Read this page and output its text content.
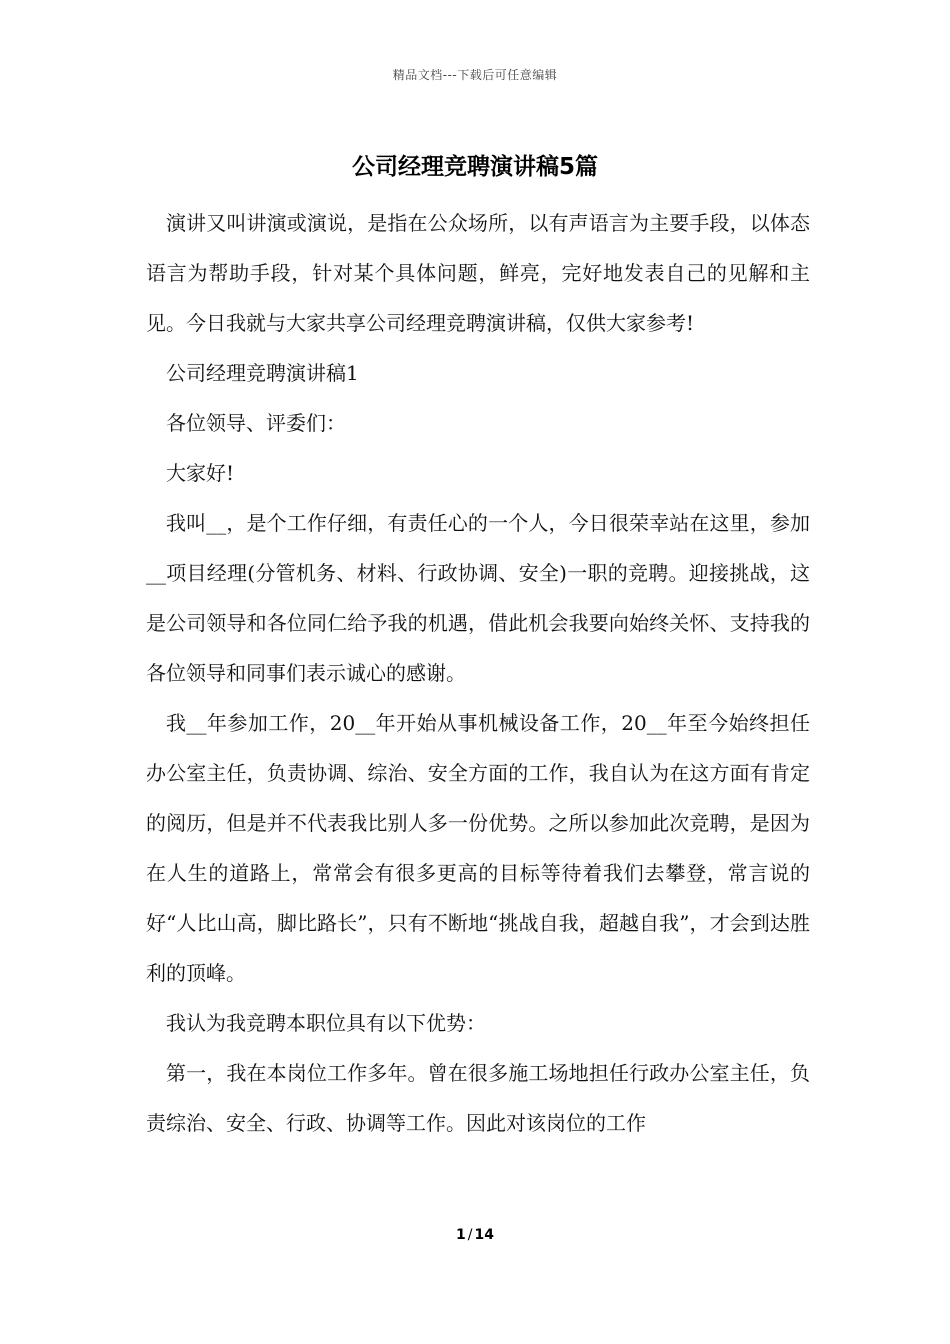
精品文档---下载后可任意编辑
公司经理竞聘演讲稿5篇

演讲又叫讲演或演说，是指在公众场所，以有声语言为主要手段，以体态语言为帮助手段，针对某个具体问题，鲜亮，完好地发表自己的见解和主见。今日我就与大家共享公司经理竞聘演讲稿，仅供大家参考!

公司经理竞聘演讲稿1

各位领导、评委们：

大家好!

我叫__，是个工作仔细，有责任心的一个人，今日很荣幸站在这里，参加__项目经理(分管机务、材料、行政协调、安全)一职的竞聘。迎接挑战，这是公司领导和各位同仁给予我的机遇，借此机会我要向始终关怀、支持我的各位领导和同事们表示诚心的感谢。

我__年参加工作，20__年开始从事机械设备工作，20__年至今始终担任办公室主任，负责协调、综治、安全方面的工作，我自认为在这方面有肯定的阅历，但是并不代表我比别人多一份优势。之所以参加此次竞聘，是因为在人生的道路上，常常会有很多更高的目标等待着我们去攀登，常言说的好“人比山高，脚比路长”，只有不断地“挑战自我，超越自我”，才会到达胜利的顶峰。

我认为我竞聘本职位具有以下优势：

第一，我在本岗位工作多年。曾在很多施工场地担任行政办公室主任，负责综治、安全、行政、协调等工作。因此对该岗位的工作

1 / 14
